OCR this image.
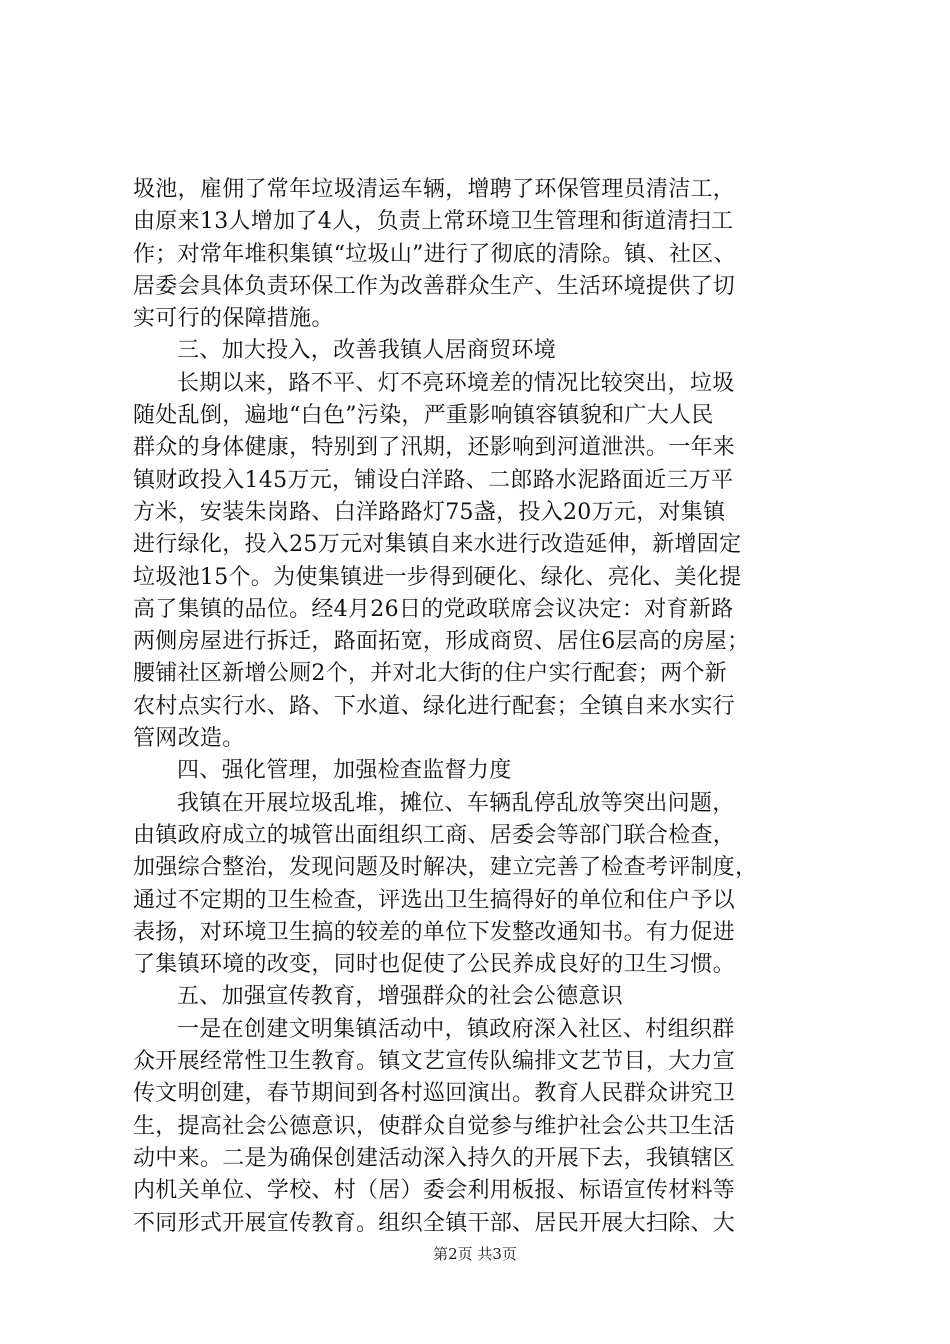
圾池，雇佣了常年垃圾清运车辆，增聘了环保管理员清洁工，
由原来13人增加了4人，负责上常环境卫生管理和街道清扫工
作；对常年堆积集镇“垃圾山”进行了彻底的清除。镇、社区、
居委会具体负责环保工作为改善群众生产、生活环境提供了切
实可行的保障措施。
三、加大投入，改善我镇人居商贸环境
长期以来，路不平、灯不亮环境差的情况比较突出，垃圾
随处乱倒，遍地“白色”污染，严重影响镇容镇貌和广大人民
群众的身体健康，特别到了汛期，还影响到河道泄洪。一年来
镇财政投入145万元，铺设白洋路、二郎路水泥路面近三万平
方米，安装朱岗路、白洋路路灯75盏，投入20万元，对集镇
进行绿化，投入25万元对集镇自来水进行改造延伸，新增固定
垃圾池15个。为使集镇进一步得到硬化、绿化、亮化、美化提
高了集镇的品位。经4月26日的党政联席会议决定：对育新路
两侧房屋进行拆迁，路面拓宽，形成商贸、居住6层高的房屋；
腰铺社区新增公厕2个，并对北大街的住户实行配套；两个新
农村点实行水、路、下水道、绿化进行配套；全镇自来水实行
管网改造。
四、强化管理，加强检查监督力度
我镇在开展垃圾乱堆，摊位、车辆乱停乱放等突出问题，
由镇政府成立的城管出面组织工商、居委会等部门联合检查，
加强综合整治，发现问题及时解决，建立完善了检查考评制度，
通过不定期的卫生检查，评选出卫生搞得好的单位和住户予以
表扬，对环境卫生搞的较差的单位下发整改通知书。有力促进
了集镇环境的改变，同时也促使了公民养成良好的卫生习惯。
五、加强宣传教育，增强群众的社会公德意识
一是在创建文明集镇活动中，镇政府深入社区、村组织群
众开展经常性卫生教育。镇文艺宣传队编排文艺节目，大力宣
传文明创建，春节期间到各村巡回演出。教育人民群众讲究卫
生，提高社会公德意识，使群众自觉参与维护社会公共卫生活
动中来。二是为确保创建活动深入持久的开展下去，我镇辖区
内机关单位、学校、村（居）委会利用板报、标语宣传材料等
不同形式开展宣传教育。组织全镇干部、居民开展大扫除、大
第2页 共3页
